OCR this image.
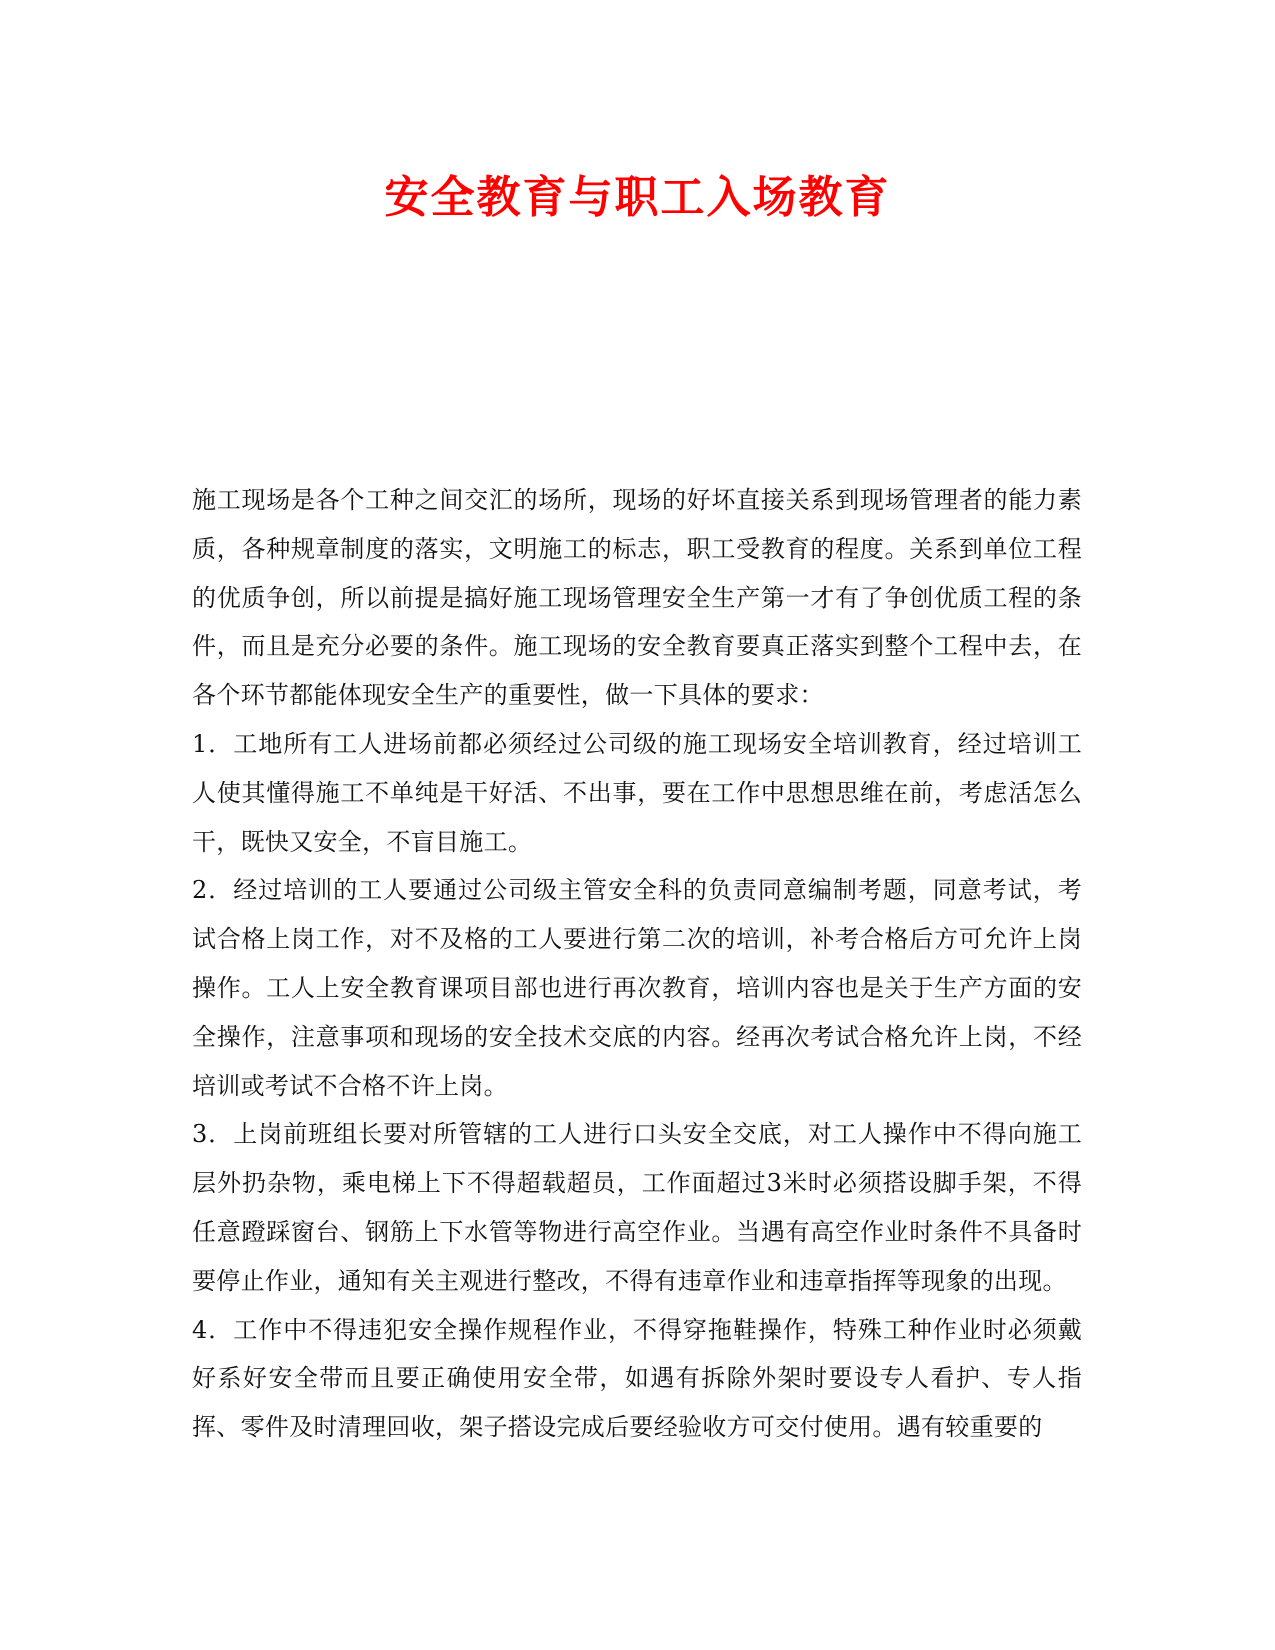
安全教育与职工入场教育

施工现场是各个工种之间交汇的场所，现场的好坏直接关系到现场管理者的能力素质，各种规章制度的落实，文明施工的标志，职工受教育的程度。关系到单位工程的优质争创，所以前提是搞好施工现场管理安全生产第一才有了争创优质工程的条件，而且是充分必要的条件。施工现场的安全教育要真正落实到整个工程中去，在各个环节都能体现安全生产的重要性，做一下具体的要求：

1．工地所有工人进场前都必须经过公司级的施工现场安全培训教育，经过培训工人使其懂得施工不单纯是干好活、不出事，要在工作中思想思维在前，考虑活怎么干，既快又安全，不盲目施工。

2．经过培训的工人要通过公司级主管安全科的负责同意编制考题，同意考试，考试合格上岗工作，对不及格的工人要进行第二次的培训，补考合格后方可允许上岗操作。工人上安全教育课项目部也进行再次教育，培训内容也是关于生产方面的安全操作，注意事项和现场的安全技术交底的内容。经再次考试合格允许上岗，不经培训或考试不合格不许上岗。

3．上岗前班组长要对所管辖的工人进行口头安全交底，对工人操作中不得向施工层外扔杂物，乘电梯上下不得超载超员，工作面超过3米时必须搭设脚手架，不得任意蹬踩窗台、钢筋上下水管等物进行高空作业。当遇有高空作业时条件不具备时要停止作业，通知有关主观进行整改，不得有违章作业和违章指挥等现象的出现。

4．工作中不得违犯安全操作规程作业，不得穿拖鞋操作，特殊工种作业时必须戴好系好安全带而且要正确使用安全带，如遇有拆除外架时要设专人看护、专人指挥、零件及时清理回收，架子搭设完成后要经验收方可交付使用。遇有较重要的
